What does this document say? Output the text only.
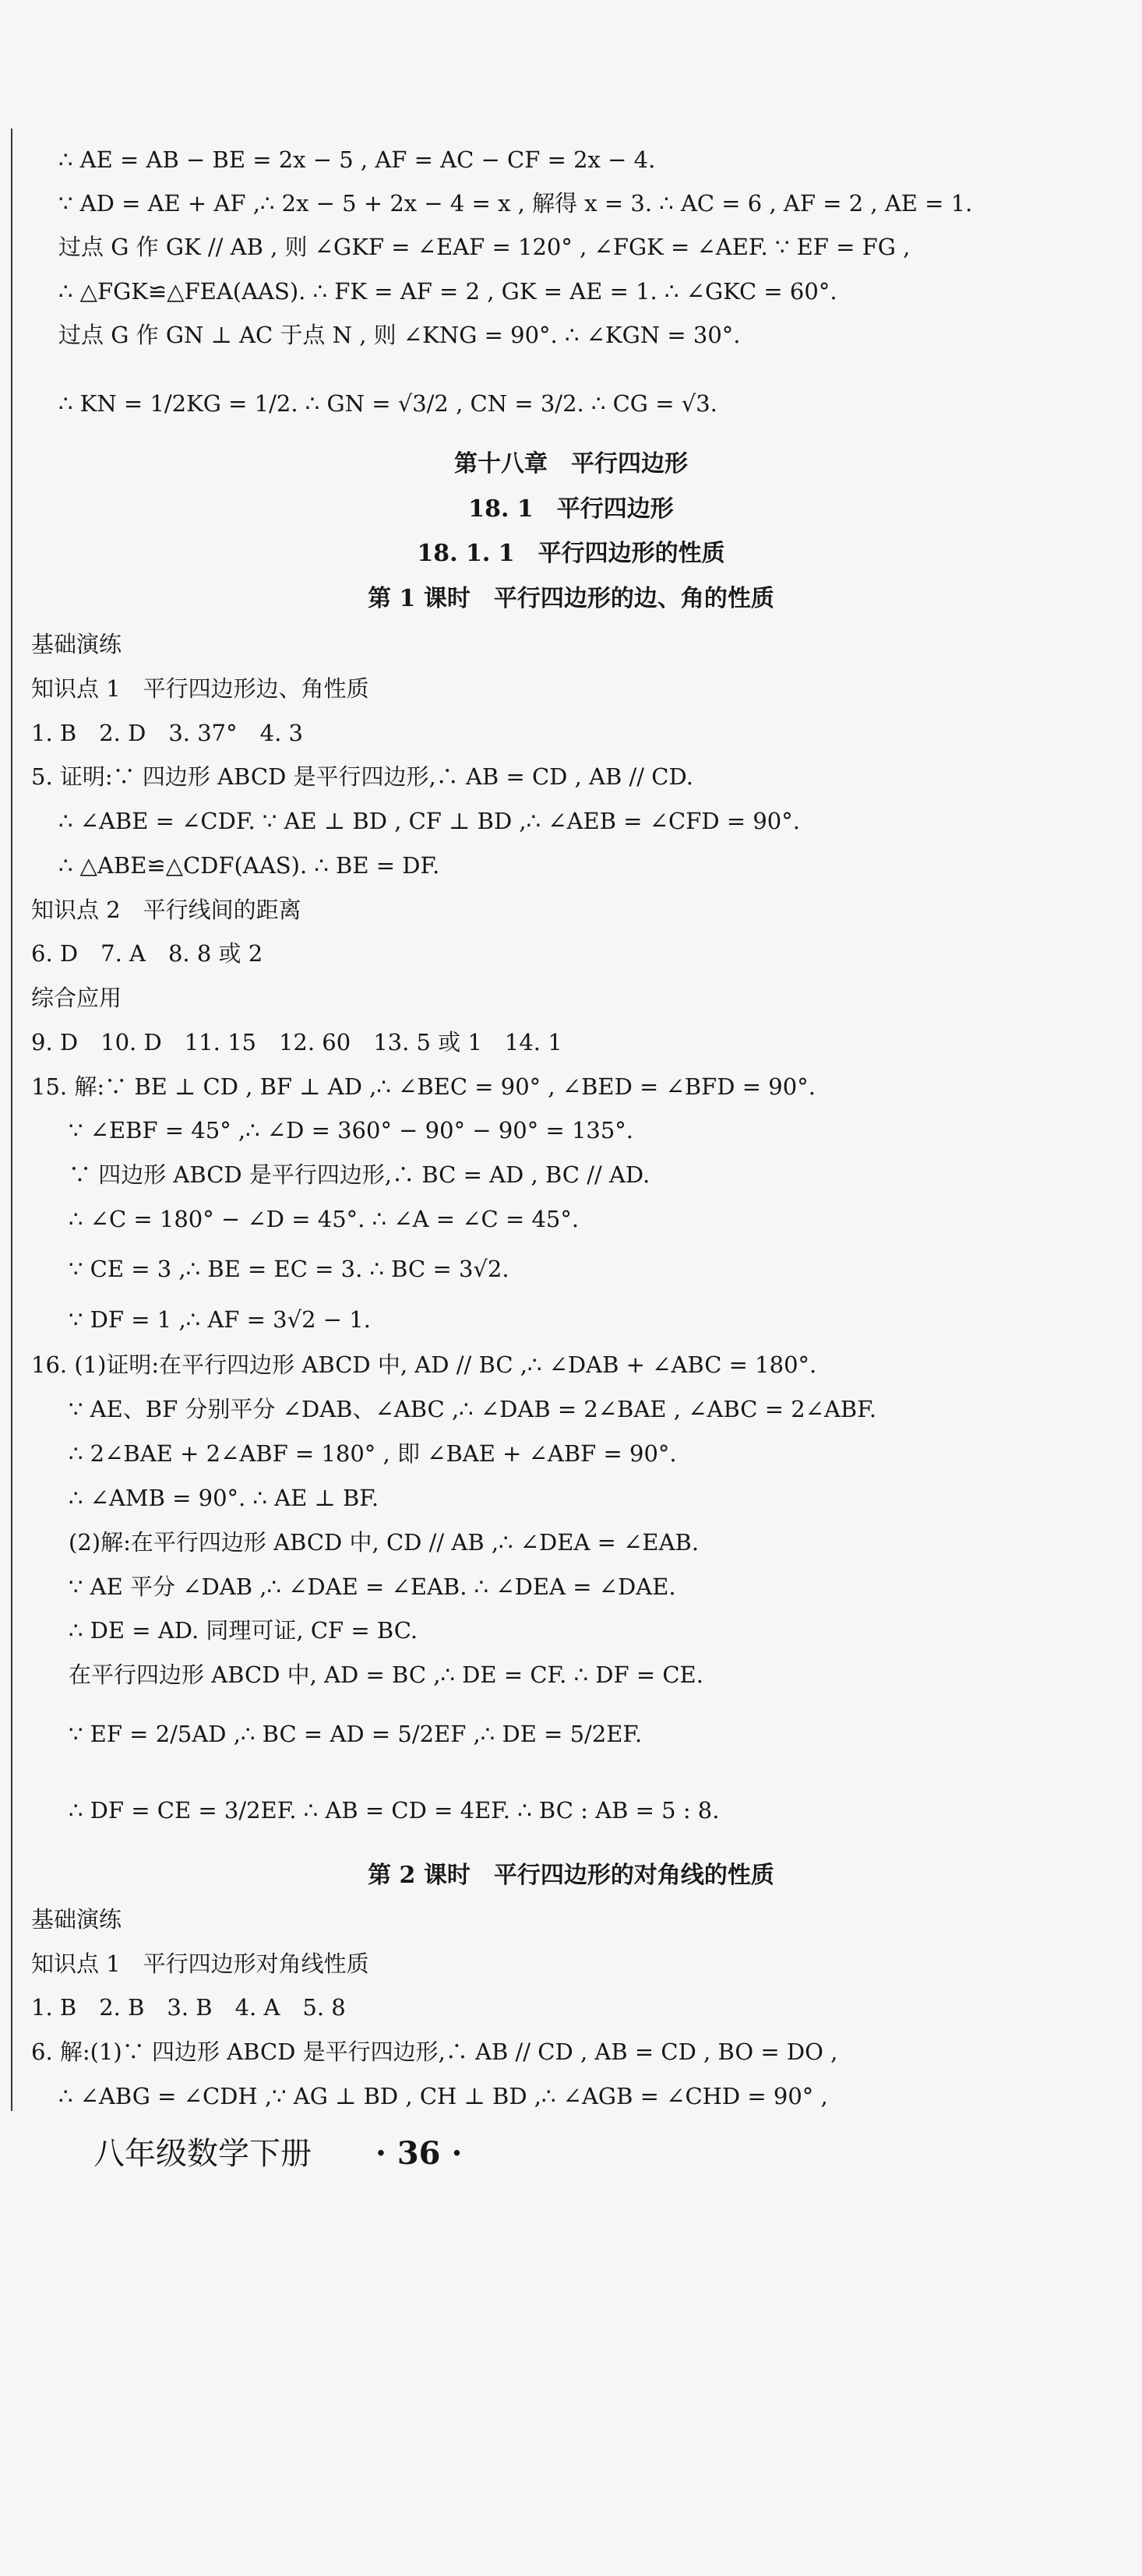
∴ AE = AB − BE = 2x − 5 , AF = AC − CF = 2x − 4.
∵ AD = AE + AF ,∴ 2x − 5 + 2x − 4 = x , 解得 x = 3. ∴ AC = 6 , AF = 2 , AE = 1.
过点 G 作 GK // AB , 则 ∠GKF = ∠EAF = 120° , ∠FGK = ∠AEF. ∵ EF = FG ,
∴ △FGK≌△FEA(AAS). ∴ FK = AF = 2 , GK = AE = 1. ∴ ∠GKC = 60°.
过点 G 作 GN ⊥ AC 于点 N , 则 ∠KNG = 90°. ∴ ∠KGN = 30°.
∴ KN = 1/2KG = 1/2. ∴ GN = √3/2 , CN = 3/2. ∴ CG = √3.
第十八章　平行四边形
18. 1　平行四边形
18. 1. 1　平行四边形的性质
第 1 课时　平行四边形的边、角的性质
基础演练
知识点 1　平行四边形边、角性质
1. B　2. D　3. 37°　4. 3
5. 证明:∵ 四边形 ABCD 是平行四边形,∴ AB = CD , AB // CD.
∴ ∠ABE = ∠CDF. ∵ AE ⊥ BD , CF ⊥ BD ,∴ ∠AEB = ∠CFD = 90°.
∴ △ABE≌△CDF(AAS). ∴ BE = DF.
知识点 2　平行线间的距离
6. D　7. A　8. 8 或 2
综合应用
9. D　10. D　11. 15　12. 60　13. 5 或 1　14. 1
15. 解:∵ BE ⊥ CD , BF ⊥ AD ,∴ ∠BEC = 90° , ∠BED = ∠BFD = 90°.
∵ ∠EBF = 45° ,∴ ∠D = 360° − 90° − 90° = 135°.
∵ 四边形 ABCD 是平行四边形,∴ BC = AD , BC // AD.
∴ ∠C = 180° − ∠D = 45°. ∴ ∠A = ∠C = 45°.
∵ CE = 3 ,∴ BE = EC = 3. ∴ BC = 3√2.
∵ DF = 1 ,∴ AF = 3√2 − 1.
16. (1)证明:在平行四边形 ABCD 中, AD // BC ,∴ ∠DAB + ∠ABC = 180°.
∵ AE、BF 分别平分 ∠DAB、∠ABC ,∴ ∠DAB = 2∠BAE , ∠ABC = 2∠ABF.
∴ 2∠BAE + 2∠ABF = 180° , 即 ∠BAE + ∠ABF = 90°.
∴ ∠AMB = 90°. ∴ AE ⊥ BF.
(2)解:在平行四边形 ABCD 中, CD // AB ,∴ ∠DEA = ∠EAB.
∵ AE 平分 ∠DAB ,∴ ∠DAE = ∠EAB. ∴ ∠DEA = ∠DAE.
∴ DE = AD. 同理可证, CF = BC.
在平行四边形 ABCD 中, AD = BC ,∴ DE = CF. ∴ DF = CE.
∵ EF = 2/5AD ,∴ BC = AD = 5/2EF ,∴ DE = 5/2EF.
∴ DF = CE = 3/2EF. ∴ AB = CD = 4EF. ∴ BC : AB = 5 : 8.
第 2 课时　平行四边形的对角线的性质
基础演练
知识点 1　平行四边形对角线性质
1. B　2. B　3. B　4. A　5. 8
6. 解:(1)∵ 四边形 ABCD 是平行四边形,∴ AB // CD , AB = CD , BO = DO ,
∴ ∠ABG = ∠CDH ,∵ AG ⊥ BD , CH ⊥ BD ,∴ ∠AGB = ∠CHD = 90° ,
八年级数学下册 · 36 ·
